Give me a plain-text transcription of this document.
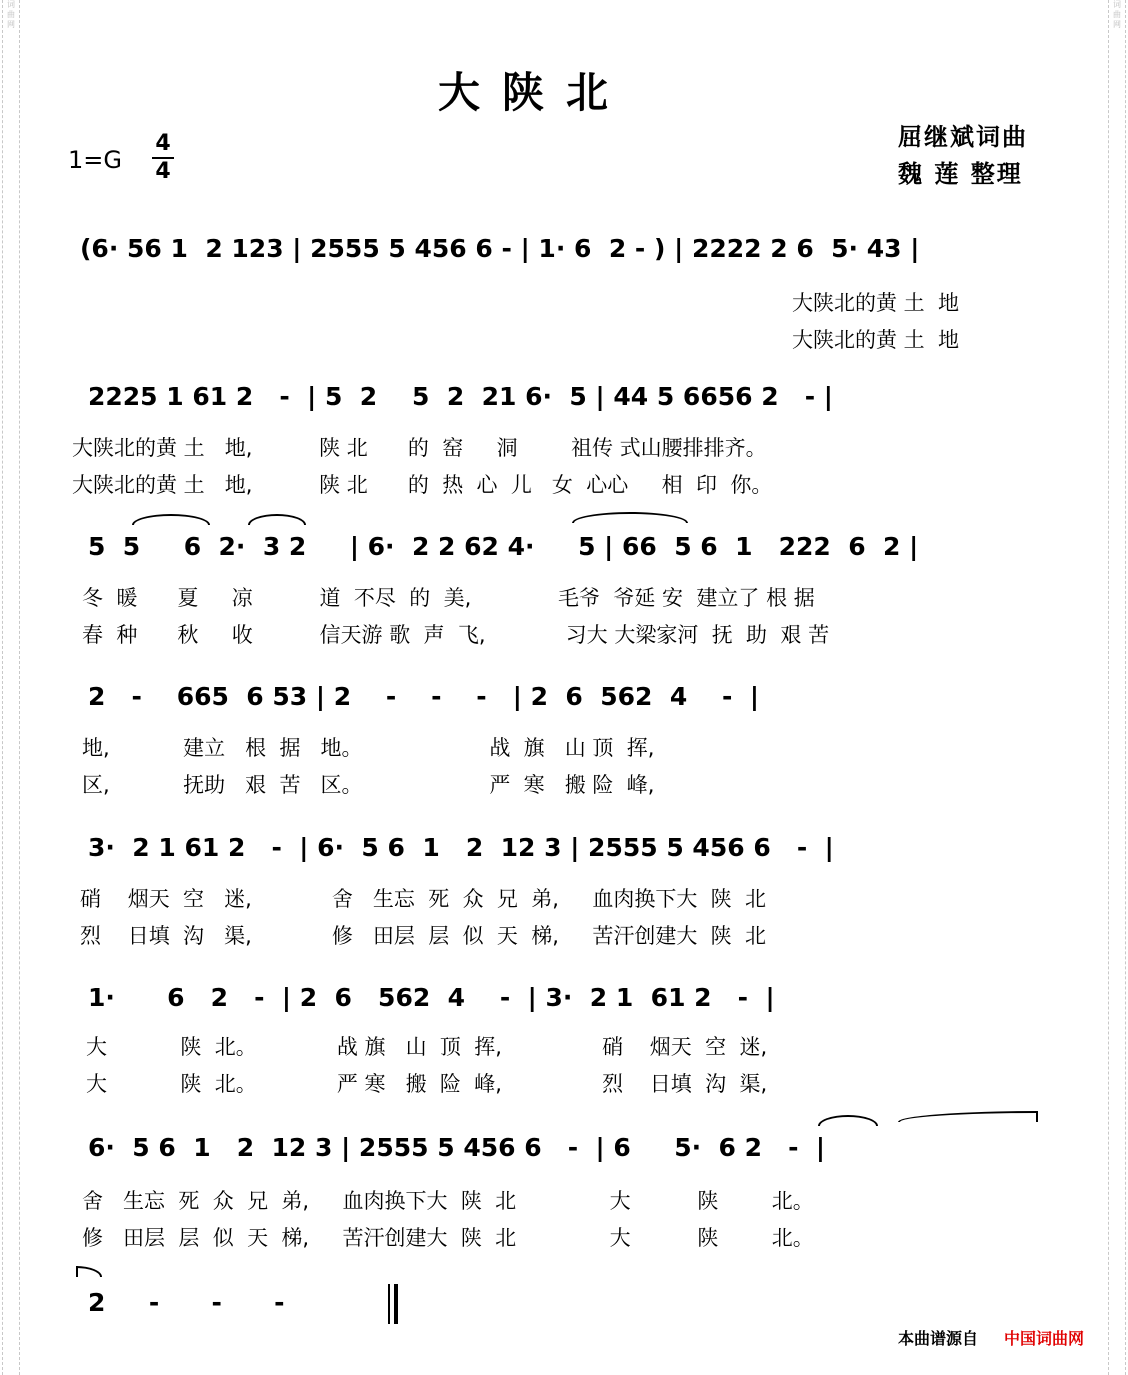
词
曲
网
词
曲
网
大陕北
屈继斌词曲
魏 莲 整理
1=G
4
4
(6· 56 1  2 123 | 2555 5 456 6 - | 1· 6  2 - ) | 2222 2 6  5· 43 |
大陕北的黄 土  地
大陕北的黄 土  地
2225 1 61 2   -  | 5  2    5  2  21 6·  5 | 44 5 6656 2   - |
大陕北的黄 土   地,          陕 北      的  窑     洞        祖传 式山腰排排齐。
大陕北的黄 土   地,          陕 北      的  热  心  儿   女  心心     相  印  你。
5  5     6  2·  3 2     | 6·  2 2 62 4·     5 | 66  5 6  1   222  6  2 |
冬  暖      夏     凉          道  不尽  的  美,             毛爷  爷延 安  建立了 根 据
春  种      秋     收          信天游 歌  声  飞,            习大 大梁家河  抚  助  艰 苦
2   -    665  6 53 | 2    -    -    -   | 2  6  562  4    -  |
地,           建立   根  据   地。                   战  旗   山 顶  挥,
区,           抚助   艰  苦   区。                   严  寒   搬 险  峰,
3·  2 1 61 2   -  | 6·  5 6  1   2  12 3 | 2555 5 456 6   -  |
硝    烟天  空   迷,            舍   生忘  死  众  兄  弟,     血肉换下大  陕  北
烈    日填  沟   渠,            修   田层  层  似  天  梯,     苦汗创建大  陕  北
1·      6   2   -  | 2  6   562  4    -  | 3·  2 1  61 2   -  |
大           陕  北。            战 旗   山  顶  挥,               硝    烟天  空  迷,
大           陕  北。            严 寒   搬  险  峰,               烈    日填  沟  渠,
6·  5 6  1   2  12 3 | 2555 5 456 6   -  | 6     5·  6 2   -  |
舍   生忘  死  众  兄  弟,     血肉换下大  陕  北              大          陕        北。
修   田层  层  似  天  梯,     苦汗创建大  陕  北              大          陕        北。
2     -      -      -
本曲谱源自 中国词曲网
